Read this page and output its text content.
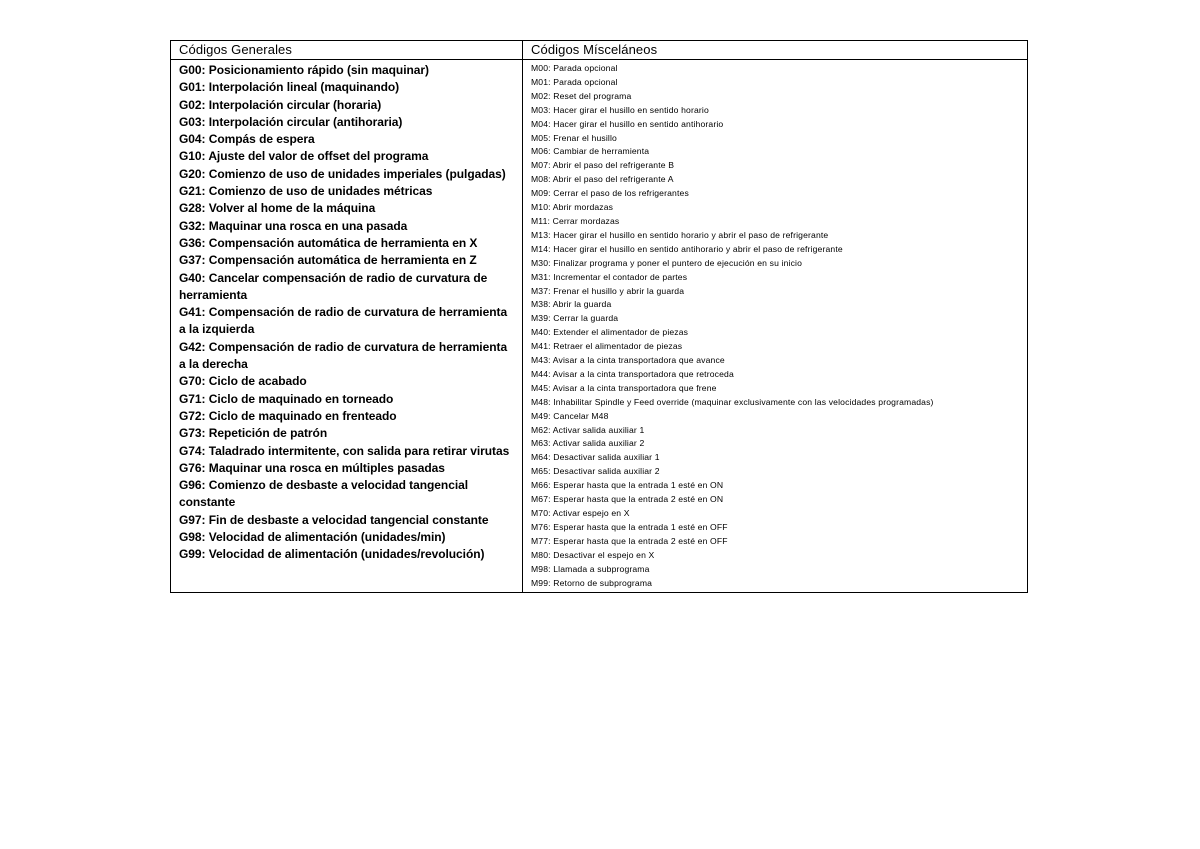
Códigos Generales
G00: Posicionamiento rápido (sin maquinar)
G01: Interpolación lineal (maquinando)
G02: Interpolación circular (horaria)
G03: Interpolación circular (antihoraria)
G04: Compás de espera
G10: Ajuste del valor de offset del programa
G20: Comienzo de uso de unidades imperiales (pulgadas)
G21: Comienzo de uso de unidades métricas
G28: Volver al home de la máquina
G32: Maquinar una rosca en una pasada
G36: Compensación automática de herramienta en X
G37: Compensación automática de herramienta en Z
G40: Cancelar compensación de radio de curvatura de herramienta
G41: Compensación de radio de curvatura de herramienta a la izquierda
G42: Compensación de radio de curvatura de herramienta a la derecha
G70: Ciclo de acabado
G71: Ciclo de maquinado en torneado
G72: Ciclo de maquinado en frenteado
G73: Repetición de patrón
G74: Taladrado intermitente, con salida para retirar virutas
G76: Maquinar una rosca en múltiples pasadas
G96: Comienzo de desbaste a velocidad tangencial constante
G97: Fin de desbaste a velocidad tangencial constante
G98: Velocidad de alimentación (unidades/min)
G99: Velocidad de alimentación (unidades/revolución)
Códigos Mísceláneos
M00: Parada opcional
M01: Parada opcional
M02: Reset del programa
M03: Hacer girar el husillo en sentido horario
M04: Hacer girar el husillo en sentido antihorario
M05: Frenar el husillo
M06: Cambiar de herramienta
M07: Abrir el paso del refrigerante B
M08: Abrir el paso del refrigerante A
M09: Cerrar el paso de los refrigerantes
M10: Abrir mordazas
M11: Cerrar mordazas
M13: Hacer girar el husillo en sentido horario y abrir el paso de refrigerante
M14: Hacer girar el husillo en sentido antihorario y abrir el paso de refrigerante
M30: Finalizar programa y poner el puntero de ejecución en su inicio
M31: Incrementar el contador de partes
M37: Frenar el husillo y abrir la guarda
M38: Abrir la guarda
M39: Cerrar la guarda
M40: Extender el alimentador de piezas
M41: Retraer el alimentador de piezas
M43: Avisar a la cinta transportadora que avance
M44: Avisar a la cinta transportadora que retroceda
M45: Avisar a la cinta transportadora que frene
M48: Inhabilitar Spindle y Feed override (maquinar exclusivamente con las velocidades programadas)
M49: Cancelar M48
M62: Activar salida auxiliar 1
M63: Activar salida auxiliar 2
M64: Desactivar salida auxiliar 1
M65: Desactivar salida auxiliar 2
M66: Esperar hasta que la entrada 1 esté en ON
M67: Esperar hasta que la entrada 2 esté en ON
M70: Activar espejo en X
M76: Esperar hasta que la entrada 1 esté en OFF
M77: Esperar hasta que la entrada 2 esté en OFF
M80: Desactivar el espejo en X
M98: Llamada a subprograma
M99: Retorno de subprograma
